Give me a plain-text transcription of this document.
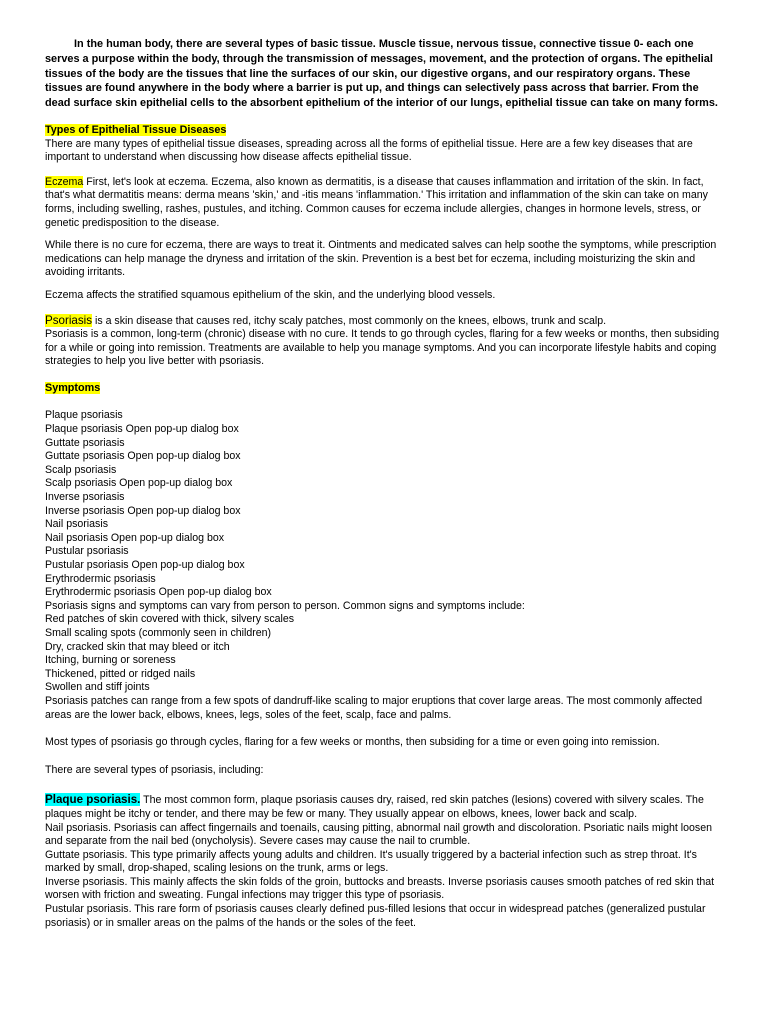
In the human body, there are several types of basic tissue. Muscle tissue, nervous tissue, connective tissue 0- each one serves a purpose within the body, through the transmission of messages, movement, and the protection of organs. The epithelial tissues of the body are the tissues that line the surfaces of our skin, our digestive organs, and our respiratory organs. These tissues are found anywhere in the body where a barrier is put up, and things can selectively pass across that barrier. From the dead surface skin epithelial cells to the absorbent epithelium of the interior of our lungs, epithelial tissue can take on many forms.

Types of Epithelial Tissue Diseases

There are many types of epithelial tissue diseases, spreading across all the forms of epithelial tissue. Here are a few key diseases that are important to understand when discussing how disease affects epithelial tissue.

Eczema First, let's look at eczema. Eczema, also known as dermatitis, is a disease that causes inflammation and irritation of the skin. In fact, that's what dermatitis means: derma means 'skin,' and -itis means 'inflammation.' This irritation and inflammation of the skin can take on many forms, including swelling, rashes, pustules, and itching. Common causes for eczema include allergies, changes in hormone levels, stress, or genetic predisposition to the disease.

While there is no cure for eczema, there are ways to treat it. Ointments and medicated salves can help soothe the symptoms, while prescription medications can help manage the dryness and irritation of the skin. Prevention is a best bet for eczema, including moisturizing the skin and avoiding irritants.

Eczema affects the stratified squamous epithelium of the skin, and the underlying blood vessels.

Psoriasis is a skin disease that causes red, itchy scaly patches, most commonly on the knees, elbows, trunk and scalp.

Psoriasis is a common, long-term (chronic) disease with no cure. It tends to go through cycles, flaring for a few weeks or months, then subsiding for a while or going into remission. Treatments are available to help you manage symptoms. And you can incorporate lifestyle habits and coping strategies to help you live better with psoriasis.

Symptoms

Plaque psoriasis

Plaque psoriasis Open pop-up dialog box

Guttate psoriasis

Guttate psoriasis Open pop-up dialog box

Scalp psoriasis

Scalp psoriasis Open pop-up dialog box

Inverse psoriasis

Inverse psoriasis Open pop-up dialog box

Nail psoriasis

Nail psoriasis Open pop-up dialog box

Pustular psoriasis

Pustular psoriasis Open pop-up dialog box

Erythrodermic psoriasis

Erythrodermic psoriasis Open pop-up dialog box

Psoriasis signs and symptoms can vary from person to person. Common signs and symptoms include:

Red patches of skin covered with thick, silvery scales

Small scaling spots (commonly seen in children)

Dry, cracked skin that may bleed or itch

Itching, burning or soreness

Thickened, pitted or ridged nails

Swollen and stiff joints

Psoriasis patches can range from a few spots of dandruff-like scaling to major eruptions that cover large areas. The most commonly affected areas are the lower back, elbows, knees, legs, soles of the feet, scalp, face and palms.

Most types of psoriasis go through cycles, flaring for a few weeks or months, then subsiding for a time or even going into remission.

There are several types of psoriasis, including:

Plaque psoriasis. The most common form, plaque psoriasis causes dry, raised, red skin patches (lesions) covered with silvery scales. The plaques might be itchy or tender, and there may be few or many. They usually appear on elbows, knees, lower back and scalp.

Nail psoriasis. Psoriasis can affect fingernails and toenails, causing pitting, abnormal nail growth and discoloration. Psoriatic nails might loosen and separate from the nail bed (onycholysis). Severe cases may cause the nail to crumble.

Guttate psoriasis. This type primarily affects young adults and children. It's usually triggered by a bacterial infection such as strep throat. It's marked by small, drop-shaped, scaling lesions on the trunk, arms or legs.

Inverse psoriasis. This mainly affects the skin folds of the groin, buttocks and breasts. Inverse psoriasis causes smooth patches of red skin that worsen with friction and sweating. Fungal infections may trigger this type of psoriasis.

Pustular psoriasis. This rare form of psoriasis causes clearly defined pus-filled lesions that occur in widespread patches (generalized pustular psoriasis) or in smaller areas on the palms of the hands or the soles of the feet.
